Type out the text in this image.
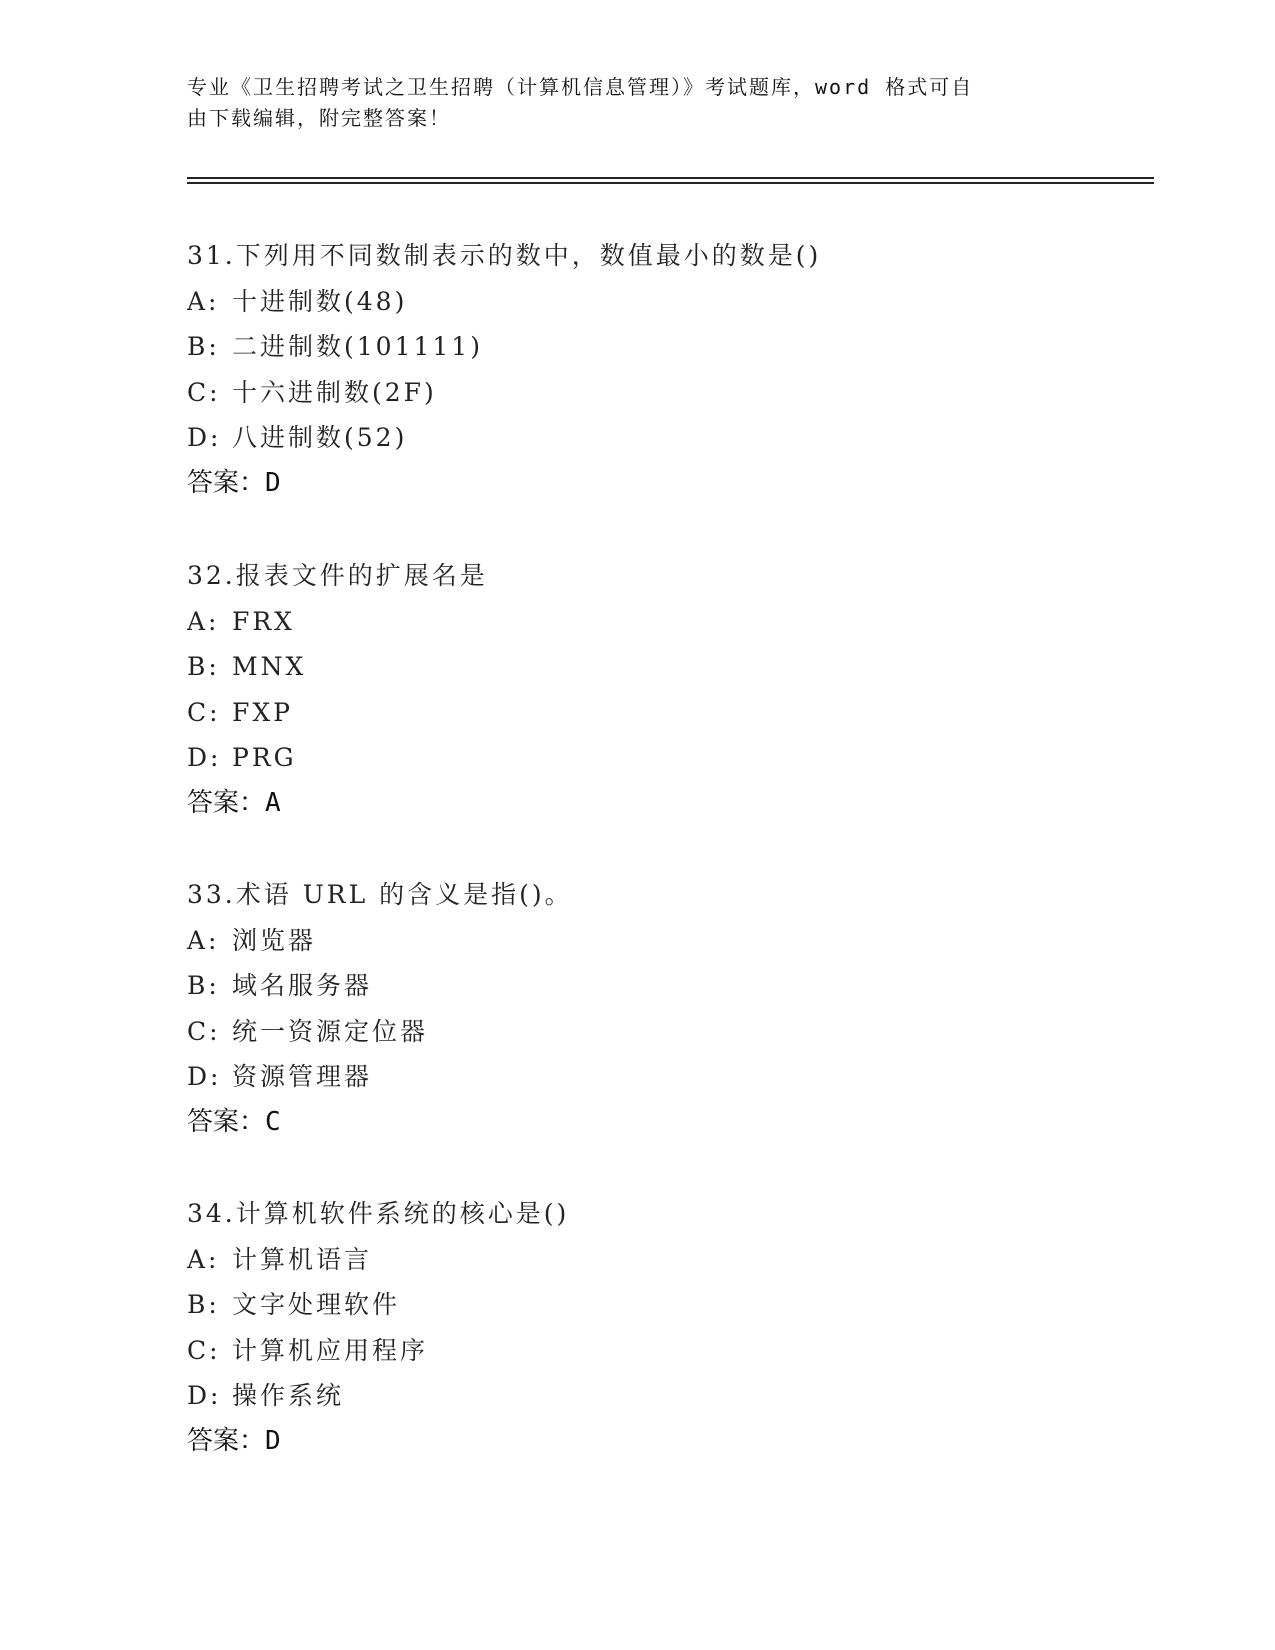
专业《卫生招聘考试之卫生招聘（计算机信息管理）》考试题库，word 格式可自
由下载编辑，附完整答案！
31.下列用不同数制表示的数中，数值最小的数是()
A: 十进制数(48)
B: 二进制数(101111)
C: 十六进制数(2F)
D: 八进制数(52)
答案：D
32.报表文件的扩展名是
A: FRX
B: MNX
C: FXP
D: PRG
答案：A
33.术语 URL 的含义是指()。
A: 浏览器
B: 域名服务器
C: 统一资源定位器
D: 资源管理器
答案：C
34.计算机软件系统的核心是()
A: 计算机语言
B: 文字处理软件
C: 计算机应用程序
D: 操作系统
答案：D
